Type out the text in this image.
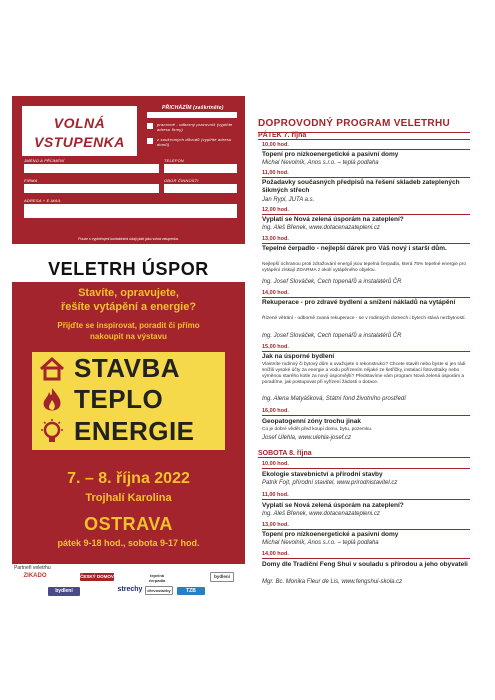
VOLNÁ
VSTUPENKA
PŘICHÁZÍM (zaškrtněte)
pracovně - odborný pracovník (vyplňte adresu firmy)
z soukromých důvodů (vyplňte adresu domů)
JMÉNO A PŘÍJMENÍ	TELEFON
FIRMA	OBOR ČINNOSTI
ADRESA + E-MAIL
Pouze s vyplněnými kontaktními údaji platí jako volná vstupenka.
VELETRH ÚSPOR
Stavíte, opravujete,
řešíte vytápění a energie?
Přijďte se inspirovat, poradit či přímo
nakoupit na výstavu
STAVBA
TEPLO
ENERGIE
7. – 8. října 2022
Trojhalí Karolina
OSTRAVA
pátek 9-18 hod., sobota 9-17 hod.
Partneři veletrhu
ZIKADO	ČESKÝ DOMOV	tepelná čerpadla
bydlení
bydlení	strechy	dřevostavby	TZB
DOPROVODNÝ PROGRAM VELETRHU
PÁTEK 7. října
10,00 hod.
Topení pro nízkoenergetické a pasivní domy
Michal Nevolník, Anos s.r.o. – teplá podlaha
11,00 hod.
Požadavky současných předpisů na řešení skladeb zateplených šikmých střech
Jan Rypl, JUTA a.s.
12,00 hod.
Vyplatí se Nová zelená úsporám na zateplení?
Ing. Aleš Břenek, www.dotacenazatepleni.cz
13,00 hod.
Tepelné čerpadlo - nejlepší dárek pro Váš nový i starší dům.
Nejlepší ochranou proti zdražování energií jsou tepelná čerpadla, která 75% tepelné energie pro vytápění získají ZDARMA z okolí vytápěného objektu.
Ing. Josef Slováček, Cech topenářů a instalatérů ČR
14,00 hod.
Rekuperace - pro zdravé bydlení a snížení nákladů na vytápění
Řízené větrání - odborně zvaná rekuperace - se v rodinných domech i bytech stává nezbytností.
Ing. Josef Slováček, Cech topenářů a instalatérů ČR
15,00 hod.
Jak na úsporné bydlení
Vlastníte rodinný či bytový dům a uvažujete o rekonstrukci? Chcete stavět nebo byste si jen rádi snížili vysoké účty za energie a vodu pořízením nějaké ze šetřičky, instalací fotovoltaiky nebo výměnou starého kotle za nový úspornější? Představíme vám program Nová zelená úsporám a poradíme, jak postupovat při vyřízení žádosti o dotace.
Ing. Alena Matyášková, Státní fond životního prostředí
16,00 hod.
Geopatogenní zóny trochu jinak
Co je dobré vědět před koupí domu, bytu, pozemku.
Josef Ulehla, www.ulehla-josef.cz
SOBOTA 8. října
10,00 hod.
Ekologie stavebnictví a přírodní stavby
Patrik Fojt, přírodní stavitel, www.prirodnistavitel.cz
11,00 hod.
Vyplatí se Nová zelená úsporám na zateplení?
Ing. Aleš Břenek, www.dotacenazatepleni.cz
13,00 hod.
Topení pro nízkoenergetické a pasivní domy
Michal Nevolník, Anos s.r.o. – teplá podlaha
14,00 hod.
Domy dle Tradiční Feng Shui v souladu s přírodou a jeho obyvateli
Mgr. Bc. Monika Fleur de Lis, www.fengshui-skola.cz
